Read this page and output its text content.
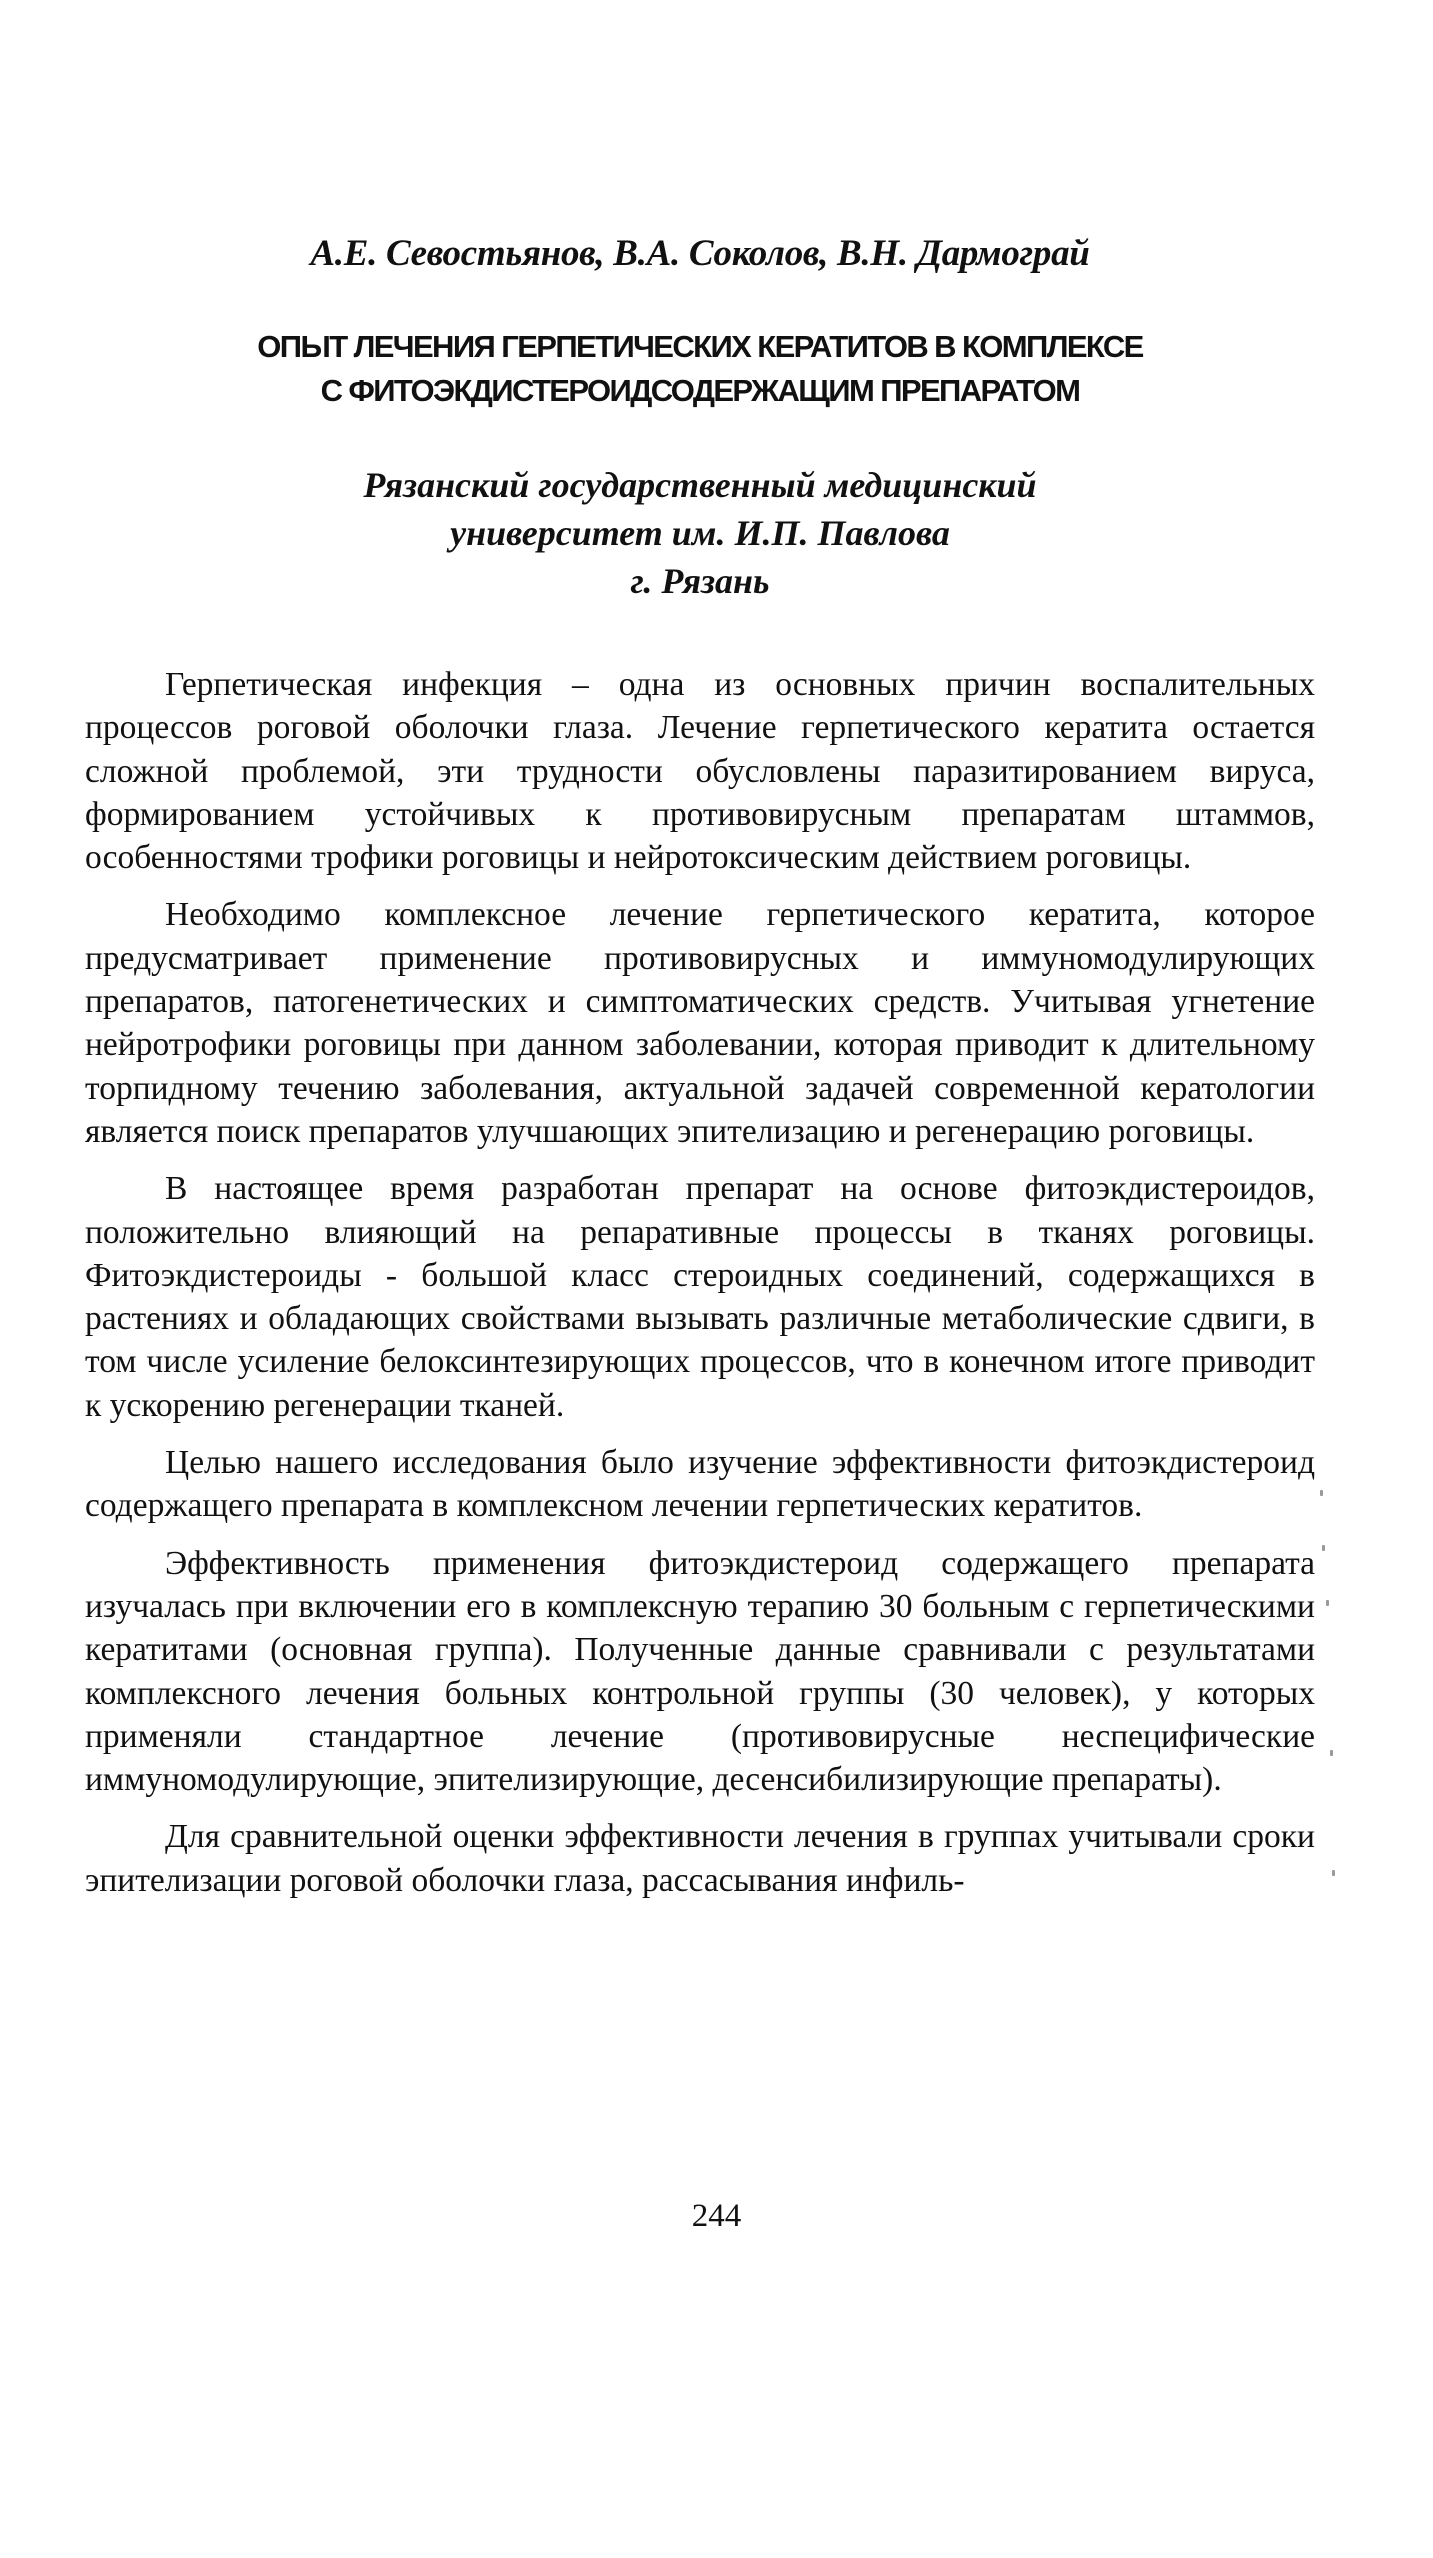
А.Е. Севостьянов, В.А. Соколов, В.Н. Дармограй
ОПЫТ ЛЕЧЕНИЯ ГЕРПЕТИЧЕСКИХ КЕРАТИТОВ В КОМПЛЕКСЕ
С ФИТОЭКДИСТЕРОИДСОДЕРЖАЩИМ ПРЕПАРАТОМ
Рязанский государственный медицинский
университет им. И.П. Павлова
г. Рязань

Герпетическая инфекция – одна из основных причин воспалительных процессов роговой оболочки глаза. Лечение герпетического кератита остается сложной проблемой, эти трудности обусловлены паразитированием вируса, формированием устойчивых к противовирусным препаратам штаммов, особенностями трофики роговицы и нейротоксическим действием роговицы.

Необходимо комплексное лечение герпетического кератита, которое предусматривает применение противовирусных и иммуномодулирующих препаратов, патогенетических и симптоматических средств. Учитывая угнетение нейротрофики роговицы при данном заболевании, которая приводит к длительному торпидному течению заболевания, актуальной задачей современной кератологии является поиск препаратов улучшающих эпителизацию и регенерацию роговицы.

В настоящее время разработан препарат на основе фитоэкдистероидов, положительно влияющий на репаративные процессы в тканях роговицы. Фитоэкдистероиды - большой класс стероидных соединений, содержащихся в растениях и обладающих свойствами вызывать различные метаболические сдвиги, в том числе усиление белоксинтезирующих процессов, что в конечном итоге приводит к ускорению регенерации тканей.

Целью нашего исследования было изучение эффективности фитоэкдистероид содержащего препарата в комплексном лечении герпетических кератитов.

Эффективность применения фитоэкдистероид содержащего препарата изучалась при включении его в комплексную терапию 30 больным с герпетическими кератитами (основная группа). Полученные данные сравнивали с результатами комплексного лечения больных контрольной группы (30 человек), у которых применяли стандартное лечение (противовирусные неспецифические иммуномодулирующие, эпителизирующие, десенсибилизирующие препараты).

Для сравнительной оценки эффективности лечения в группах учитывали сроки эпителизации роговой оболочки глаза, рассасывания инфиль-

244
